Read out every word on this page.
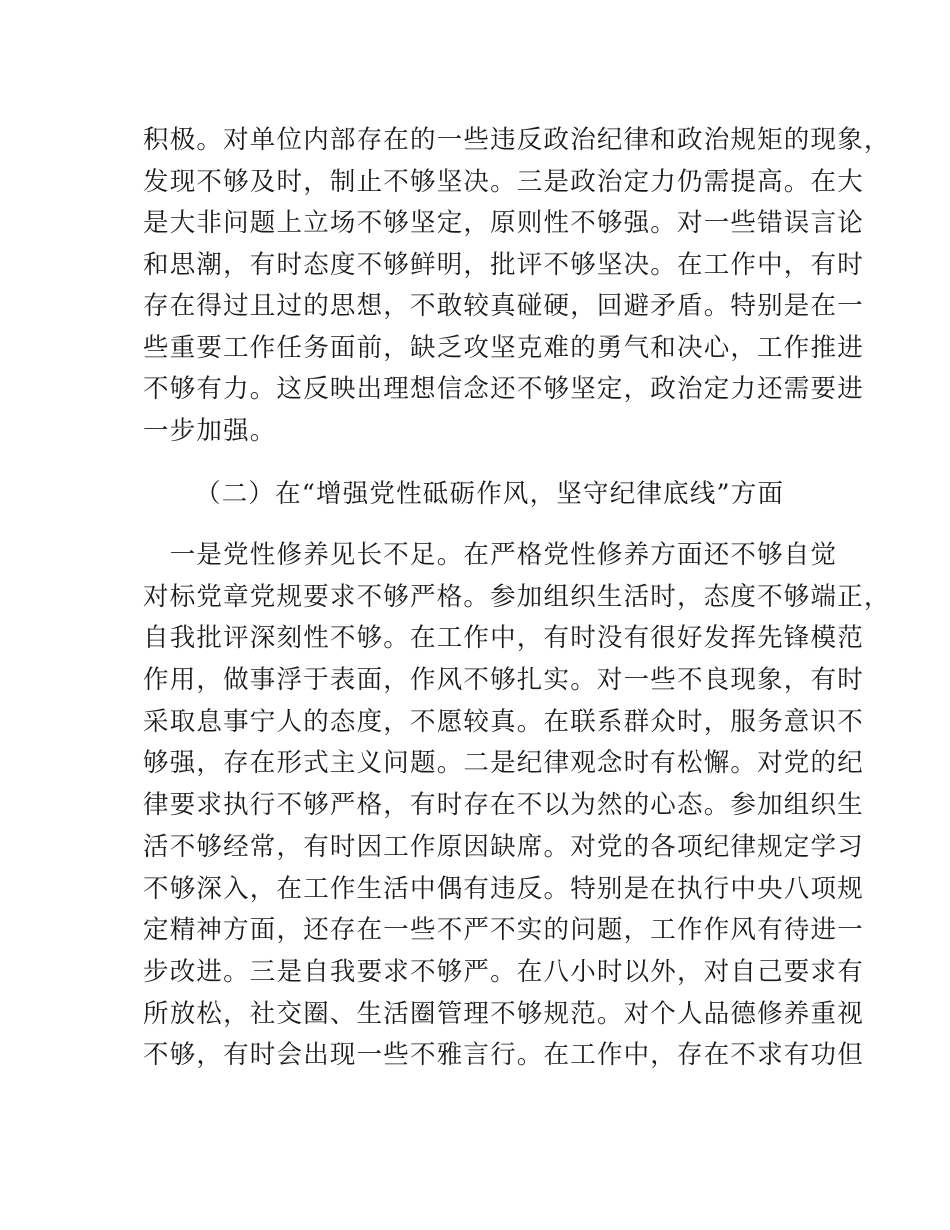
积极。对单位内部存在的一些违反政治纪律和政治规矩的现象，
发现不够及时，制止不够坚决。三是政治定力仍需提高。在大
是大非问题上立场不够坚定，原则性不够强。对一些错误言论
和思潮，有时态度不够鲜明，批评不够坚决。在工作中，有时
存在得过且过的思想，不敢较真碰硬，回避矛盾。特别是在一
些重要工作任务面前，缺乏攻坚克难的勇气和决心，工作推进
不够有力。这反映出理想信念还不够坚定，政治定力还需要进
一步加强。
（二）在“增强党性砥砺作风，坚守纪律底线”方面
　一是党性修养见长不足。在严格党性修养方面还不够自觉
对标党章党规要求不够严格。参加组织生活时，态度不够端正，
自我批评深刻性不够。在工作中，有时没有很好发挥先锋模范
作用，做事浮于表面，作风不够扎实。对一些不良现象，有时
采取息事宁人的态度，不愿较真。在联系群众时，服务意识不
够强，存在形式主义问题。二是纪律观念时有松懈。对党的纪
律要求执行不够严格，有时存在不以为然的心态。参加组织生
活不够经常，有时因工作原因缺席。对党的各项纪律规定学习
不够深入，在工作生活中偶有违反。特别是在执行中央八项规
定精神方面，还存在一些不严不实的问题，工作作风有待进一
步改进。三是自我要求不够严。在八小时以外，对自己要求有
所放松，社交圈、生活圈管理不够规范。对个人品德修养重视
不够，有时会出现一些不雅言行。在工作中，存在不求有功但
